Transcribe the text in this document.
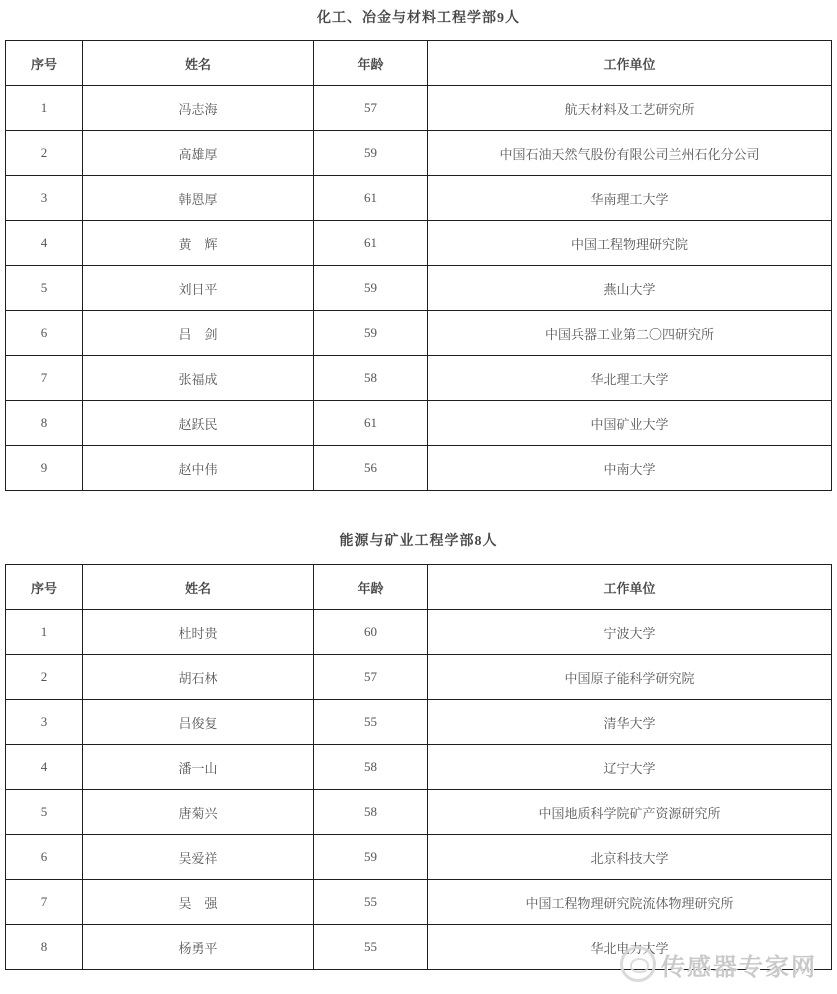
化工、冶金与材料工程学部9人
序号	姓名	年龄	工作单位
1	冯志海	57	航天材料及工艺研究所
2	高雄厚	59	中国石油天然气股份有限公司兰州石化分公司
3	韩恩厚	61	华南理工大学
4	黄　辉	61	中国工程物理研究院
5	刘日平	59	燕山大学
6	吕　剑	59	中国兵器工业第二〇四研究所
7	张福成	58	华北理工大学
8	赵跃民	61	中国矿业大学
9	赵中伟	56	中南大学
能源与矿业工程学部8人
序号	姓名	年龄	工作单位
1	杜时贵	60	宁波大学
2	胡石林	57	中国原子能科学研究院
3	吕俊复	55	清华大学
4	潘一山	58	辽宁大学
5	唐菊兴	58	中国地质科学院矿产资源研究所
6	吴爱祥	59	北京科技大学
7	吴　强	55	中国工程物理研究院流体物理研究所
8	杨勇平	55	华北电力大学
传感器专家网
